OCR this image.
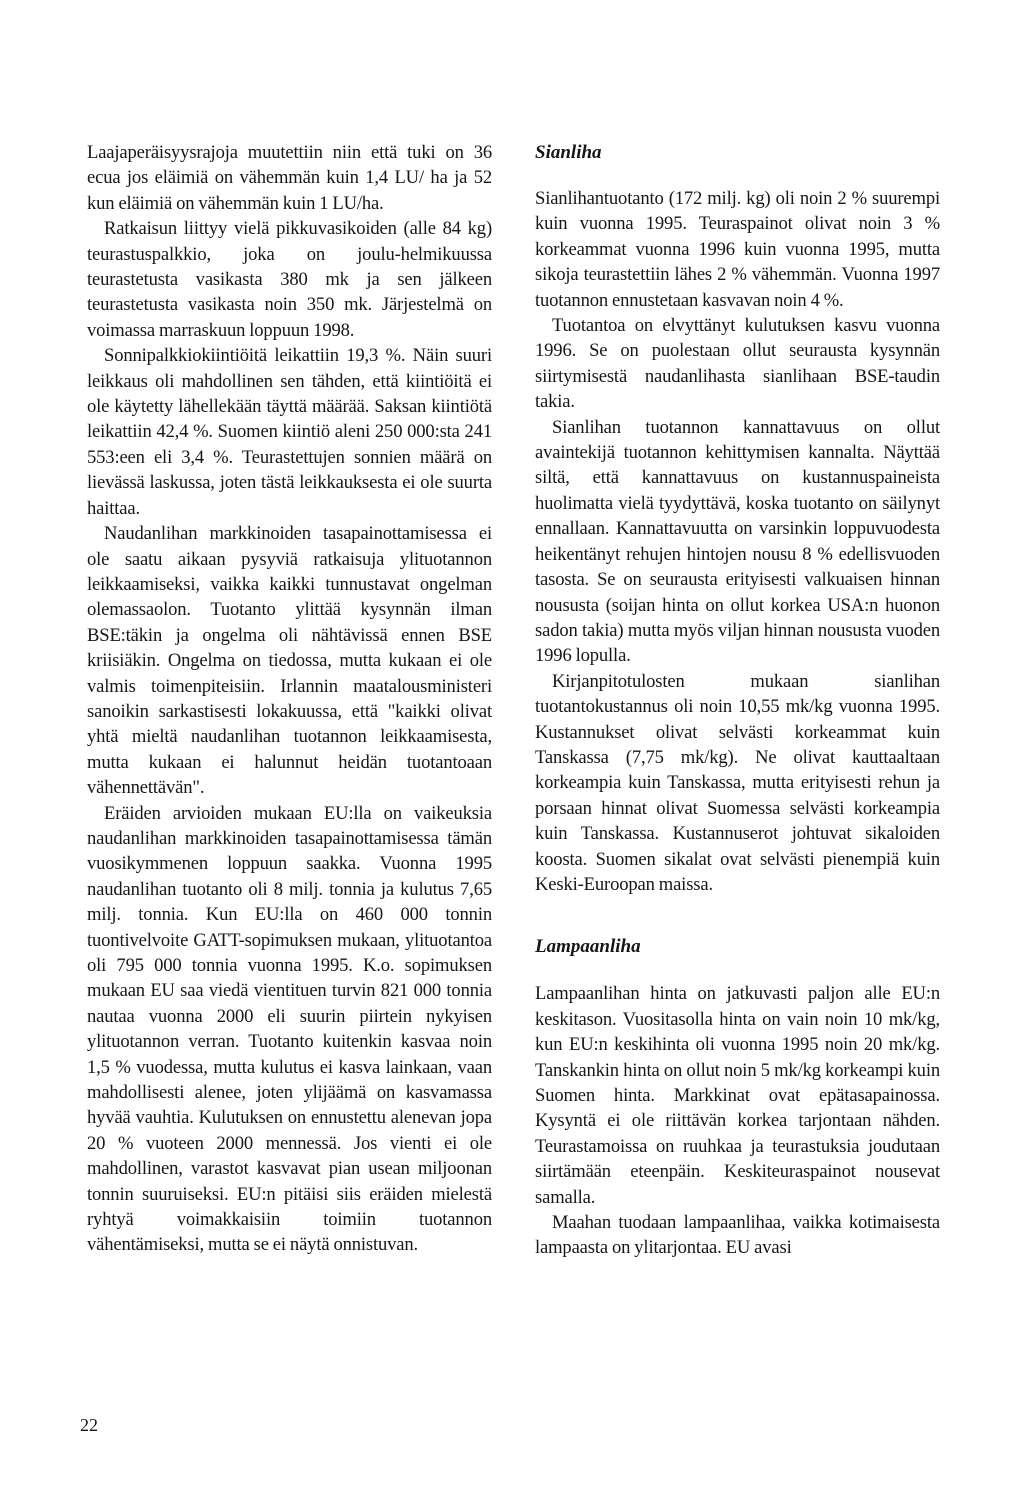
Laajaperäisyysrajoja muutettiin niin että tuki on 36 ecua jos eläimiä on vähemmän kuin 1,4 LU/ ha ja 52 kun eläimiä on vähemmän kuin 1 LU/ha.

Ratkaisun liittyy vielä pikkuvasikoiden (alle 84 kg) teurastuspalkkio, joka on joulu-helmikuussa teurastetusta vasikasta 380 mk ja sen jälkeen teurastetusta vasikasta noin 350 mk. Järjestelmä on voimassa marraskuun loppuun 1998.

Sonnipalkkiokiintiöitä leikattiin 19,3 %. Näin suuri leikkaus oli mahdollinen sen tähden, että kiintiöitä ei ole käytetty lähellekään täyttä määrää. Saksan kiintiötä leikattiin 42,4 %. Suomen kiintiö aleni 250 000:sta 241 553:een eli 3,4 %. Teurastettujen sonnien määrä on lievässä laskussa, joten tästä leikkauksesta ei ole suurta haittaa.

Naudanlihan markkinoiden tasapainottamisessa ei ole saatu aikaan pysyviä ratkaisuja ylituotannon leikkaamiseksi, vaikka kaikki tunnustavat ongelman olemassaolon. Tuotanto ylittää kysynnän ilman BSE:täkin ja ongelma oli nähtävissä ennen BSE kriisiäkin. Ongelma on tiedossa, mutta kukaan ei ole valmis toimenpiteisiin. Irlannin maatalousministeri sanoikin sarkastisesti lokakuussa, että "kaikki olivat yhtä mieltä naudanlihan tuotannon leikkaamisesta, mutta kukaan ei halunnut heidän tuotantoaan vähennettävän".

Eräiden arvioiden mukaan EU:lla on vaikeuksia naudanlihan markkinoiden tasapainottamisessa tämän vuosikymmenen loppuun saakka. Vuonna 1995 naudanlihan tuotanto oli 8 milj. tonnia ja kulutus 7,65 milj. tonnia. Kun EU:lla on 460 000 tonnin tuontivelvoite GATT-sopimuksen mukaan, ylituotantoa oli 795 000 tonnia vuonna 1995. K.o. sopimuksen mukaan EU saa viedä vientituen turvin 821 000 tonnia nautaa vuonna 2000 eli suurin piirtein nykyisen ylituotannon verran. Tuotanto kuitenkin kasvaa noin 1,5 % vuodessa, mutta kulutus ei kasva lainkaan, vaan mahdollisesti alenee, joten ylijäämä on kasvamassa hyvää vauhtia. Kulutuksen on ennustettu alenevan jopa 20 % vuoteen 2000 mennessä. Jos vienti ei ole mahdollinen, varastot kasvavat pian usean miljoonan tonnin suuruiseksi. EU:n pitäisi siis eräiden mielestä ryhtyä voimakkaisiin toimiin tuotannon vähentämiseksi, mutta se ei näytä onnistuvan.

Sianliha

Sianlihantuotanto (172 milj. kg) oli noin 2 % suurempi kuin vuonna 1995. Teuraspainot olivat noin 3 % korkeammat vuonna 1996 kuin vuonna 1995, mutta sikoja teurastettiin lähes 2 % vähemmän. Vuonna 1997 tuotannon ennustetaan kasvavan noin 4 %.

Tuotantoa on elvyttänyt kulutuksen kasvu vuonna 1996. Se on puolestaan ollut seurausta kysynnän siirtymisestä naudanlihasta sianlihaan BSE-taudin takia.

Sianlihan tuotannon kannattavuus on ollut avaintekijä tuotannon kehittymisen kannalta. Näyttää siltä, että kannattavuus on kustannuspaineista huolimatta vielä tyydyttävä, koska tuotanto on säilynyt ennallaan. Kannattavuutta on varsinkin loppuvuodesta heikentänyt rehujen hintojen nousu 8 % edellisvuoden tasosta. Se on seurausta erityisesti valkuaisen hinnan noususta (soijan hinta on ollut korkea USA:n huonon sadon takia) mutta myös viljan hinnan noususta vuoden 1996 lopulla.

Kirjanpitotulosten mukaan sianlihan tuotantokustannus oli noin 10,55 mk/kg vuonna 1995. Kustannukset olivat selvästi korkeammat kuin Tanskassa (7,75 mk/kg). Ne olivat kauttaaltaan korkeampia kuin Tanskassa, mutta erityisesti rehun ja porsaan hinnat olivat Suomessa selvästi korkeampia kuin Tanskassa. Kustannuserot johtuvat sikaloiden koosta. Suomen sikalat ovat selvästi pienempiä kuin Keski-Euroopan maissa.

Lampaanliha

Lampaanlihan hinta on jatkuvasti paljon alle EU:n keskitason. Vuositasolla hinta on vain noin 10 mk/kg, kun EU:n keskihinta oli vuonna 1995 noin 20 mk/kg. Tanskankin hinta on ollut noin 5 mk/kg korkeampi kuin Suomen hinta. Markkinat ovat epätasapainossa. Kysyntä ei ole riittävän korkea tarjontaan nähden. Teurastamoissa on ruuhkaa ja teurastuksia joudutaan siirtämään eteenpäin. Keskiteuraspainot nousevat samalla.

Maahan tuodaan lampaanlihaa, vaikka kotimaisesta lampaasta on ylitarjontaa. EU avasi

22
